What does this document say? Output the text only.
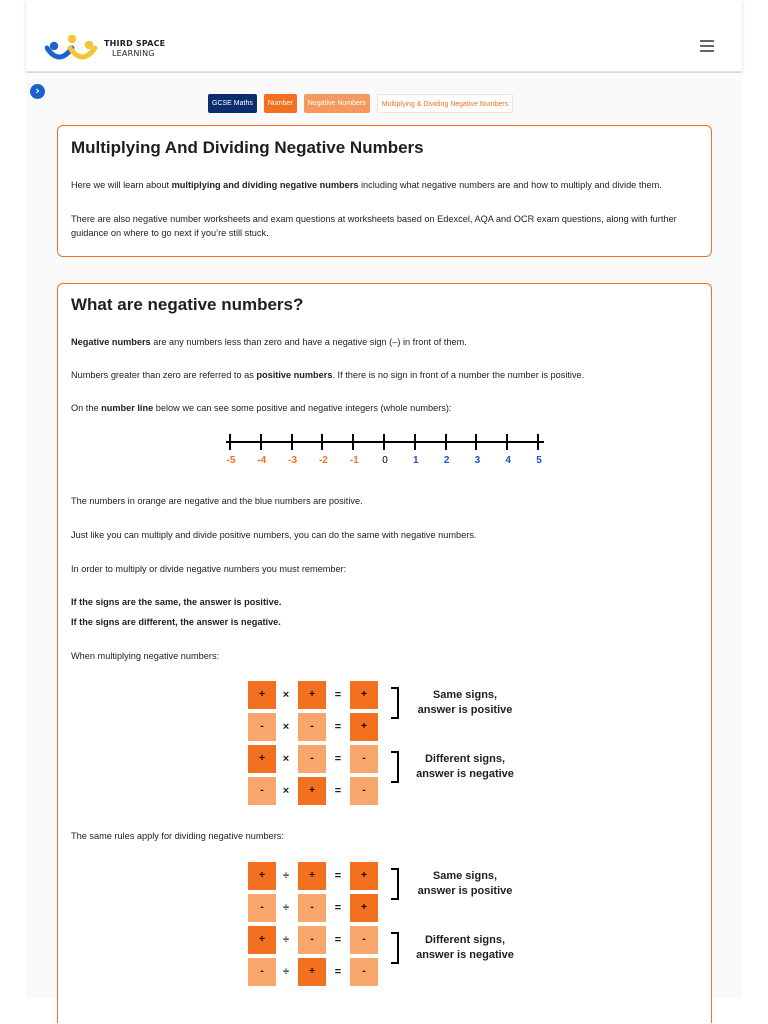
THIRD SPACE
LEARNING
›
GCSE Maths	Number	Negative Numbers	Multiplying & Dividing Negative Numbers
Multiplying And Dividing Negative Numbers

Here we will learn about multiplying and dividing negative numbers including what negative numbers are and how to multiply and divide them.

There are also negative number worksheets and exam questions at worksheets based on Edexcel, AQA and OCR exam questions, along with further guidance on where to go next if you’re still stuck.

What are negative numbers?

Negative numbers are any numbers less than zero and have a negative sign (–) in front of them.

Numbers greater than zero are referred to as positive numbers. If there is no sign in front of a number the number is positive.

On the number line below we can see some positive and negative integers (whole numbers):

The numbers in orange are negative and the blue numbers are positive.

Just like you can multiply and divide positive numbers, you can do the same with negative numbers.

In order to multiply or divide negative numbers you must remember:

If the signs are the same, the answer is positive.

If the signs are different, the answer is negative.

When multiplying negative numbers:

The same rules apply for dividing negative numbers:

-5	-4	-3	-2	-1	0	1	2	3	4	5
+	×	+	=	+
-	×	-	=	+
+	×	-	=	-
-	×	+	=	-
Same signs,
answer is positive
Different signs,
answer is negative
+	÷	+	=	+
-	÷	-	=	+
+	÷	-	=	-
-	÷	+	=	-
Same signs,
answer is positive
Different signs,
answer is negative
